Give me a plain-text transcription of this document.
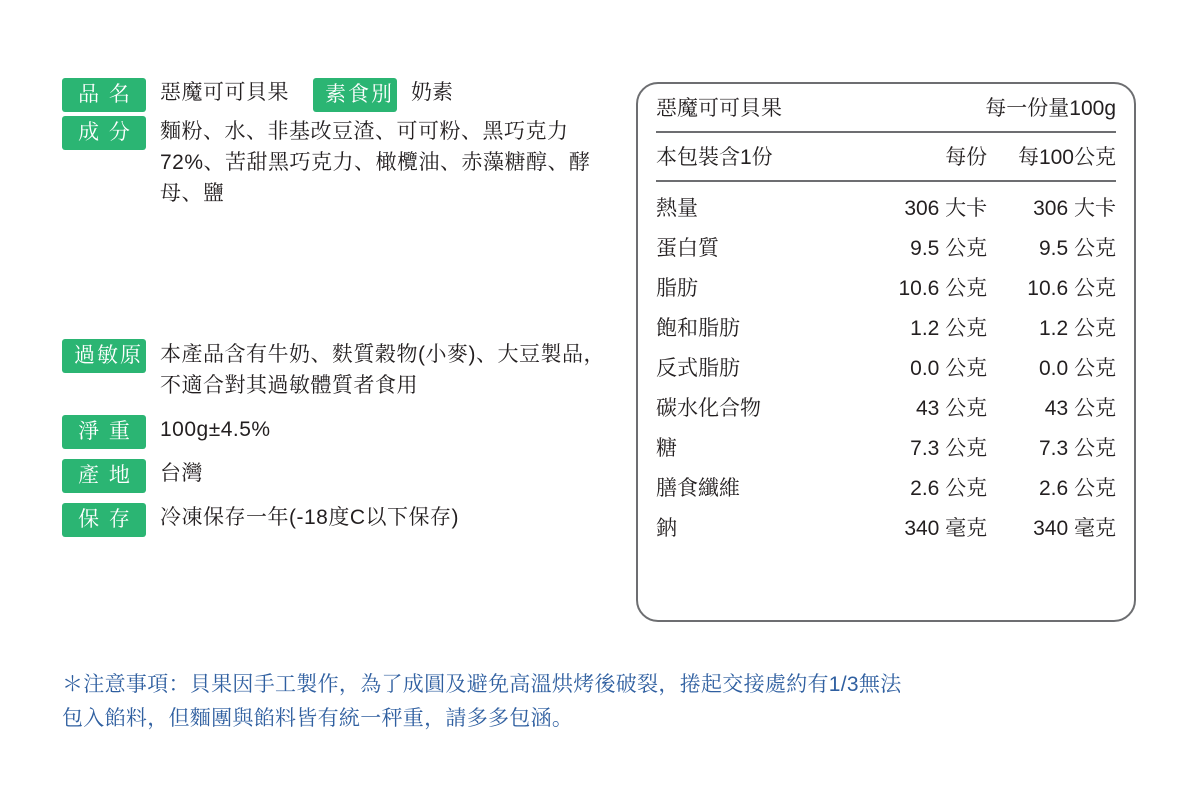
品 名	惡魔可可貝果	素食別 奶素
成 分	麵粉、水、非基改豆渣、可可粉、黑巧克力72%、苦甜黑巧克力、橄欖油、赤藻糖醇、酵母、鹽
過敏原 本產品含有牛奶、麩質穀物(小麥)、大豆製品，不適合對其過敏體質者食用
淨 重	100g±4.5%
產 地	台灣
保 存	冷凍保存一年(-18度C以下保存)
惡魔可可貝果	每一份量100g	
本包裝含1份	每份	每100公克
熱量	306 大卡	306 大卡
蛋白質	9.5 公克	9.5 公克
脂肪	10.6 公克	10.6 公克
飽和脂肪	1.2 公克	1.2 公克
反式脂肪	0.0 公克	0.0 公克
碳水化合物	43 公克	43 公克
糖	7.3 公克	7.3 公克
膳食纖維	2.6 公克	2.6 公克
鈉	340 毫克	340 毫克
＊注意事項：貝果因手工製作，為了成圓及避免高溫烘烤後破裂，捲起交接處約有1/3無法
包入餡料，但麵團與餡料皆有統一秤重，請多多包涵。
